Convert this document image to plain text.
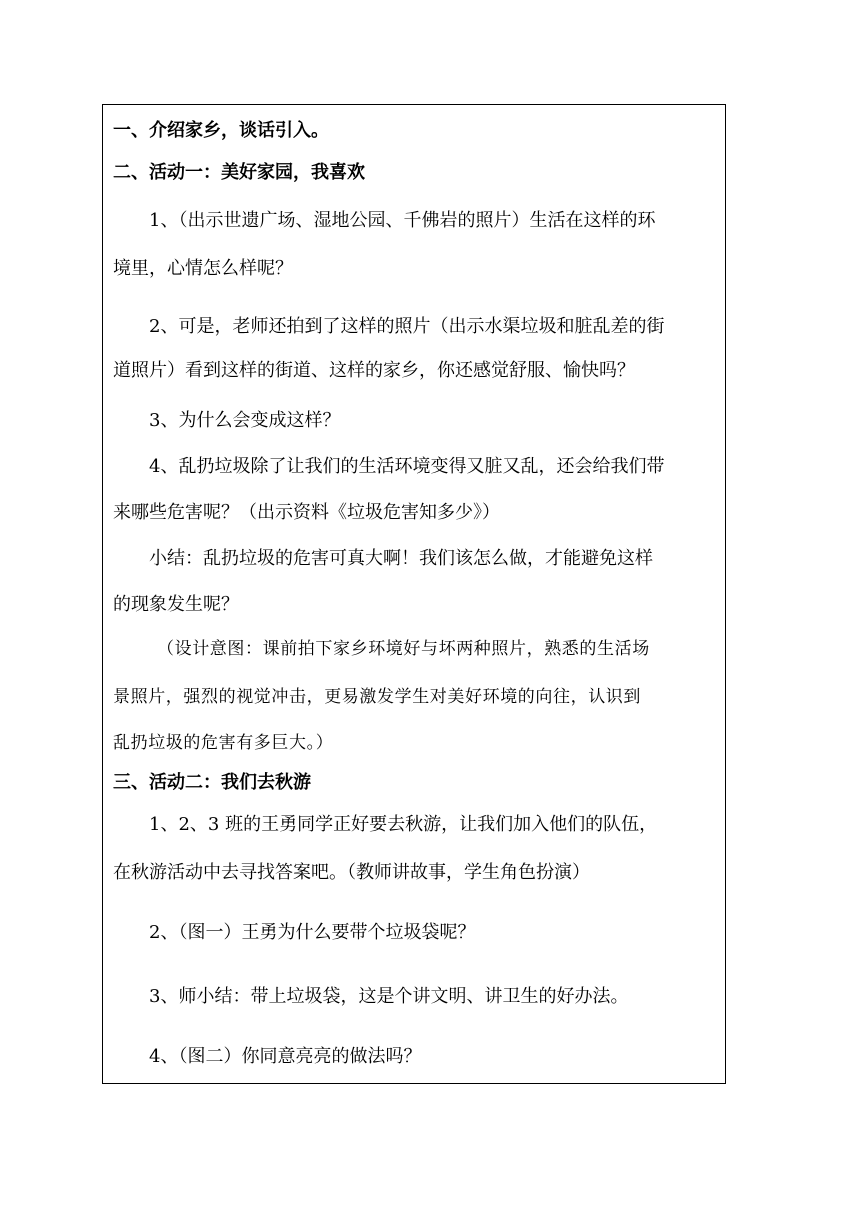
一、介绍家乡，谈话引入。
二、活动一：美好家园，我喜欢
1、（出示世遗广场、湿地公园、千佛岩的照片）生活在这样的环
境里，心情怎么样呢？
2、可是，老师还拍到了这样的照片（出示水渠垃圾和脏乱差的街
道照片）看到这样的街道、这样的家乡，你还感觉舒服、愉快吗？
3、为什么会变成这样？
4、乱扔垃圾除了让我们的生活环境变得又脏又乱，还会给我们带
来哪些危害呢？（出示资料《垃圾危害知多少》）
小结：乱扔垃圾的危害可真大啊！我们该怎么做，才能避免这样
的现象发生呢？
（设计意图：课前拍下家乡环境好与坏两种照片，熟悉的生活场
景照片，强烈的视觉冲击，更易激发学生对美好环境的向往，认识到
乱扔垃圾的危害有多巨大。）
三、活动二：我们去秋游
1、2、3 班的王勇同学正好要去秋游，让我们加入他们的队伍，
在秋游活动中去寻找答案吧。（教师讲故事，学生角色扮演）
2、（图一）王勇为什么要带个垃圾袋呢？
3、师小结：带上垃圾袋，这是个讲文明、讲卫生的好办法。
4、（图二）你同意亮亮的做法吗？
